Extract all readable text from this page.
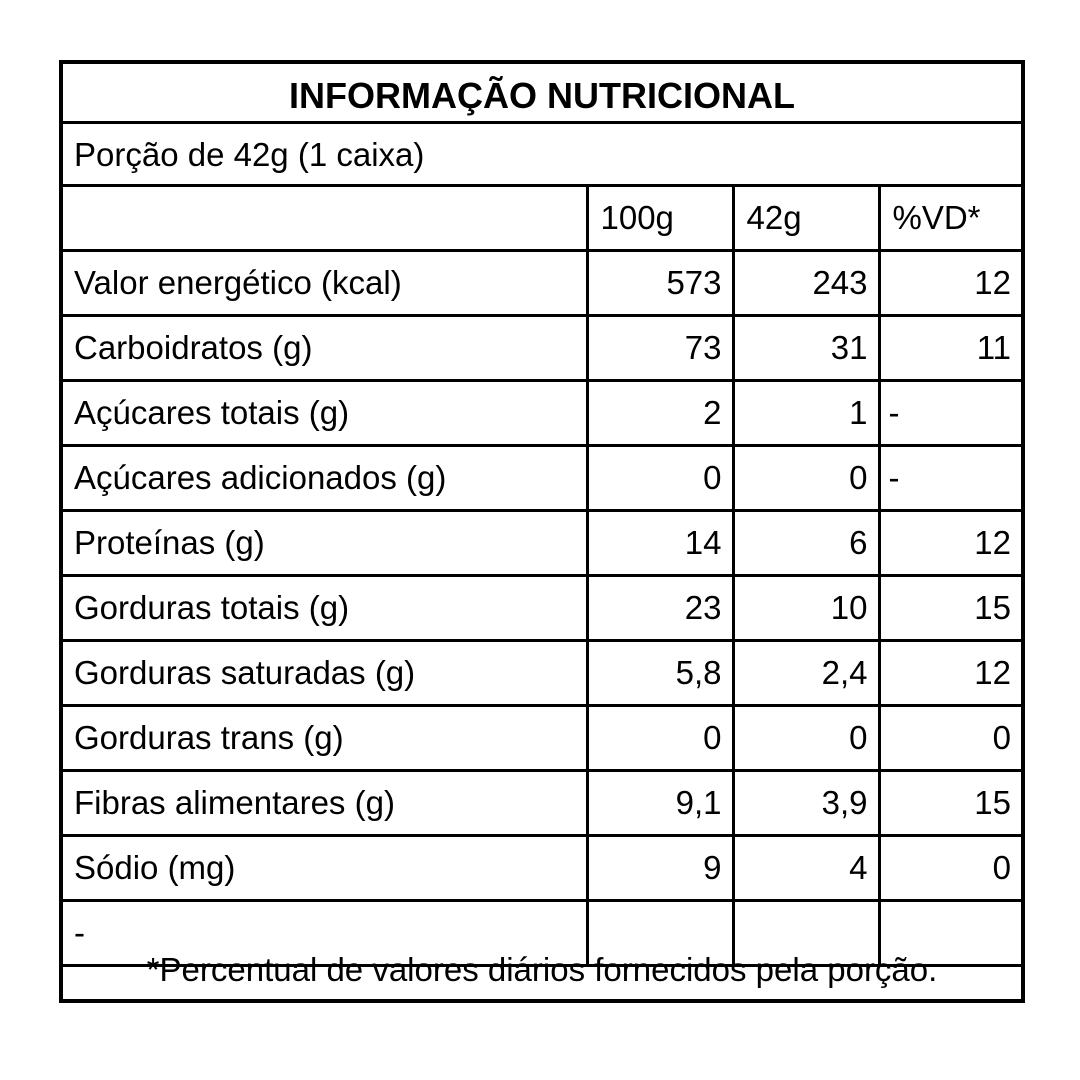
INFORMAÇÃO NUTRICIONAL
Porção de 42g (1 caixa)
	100g	42g	%VD*
Valor energético (kcal)	573	243	12
Carboidratos (g)	73	31	11
Açúcares totais (g)	2	1	-
Açúcares adicionados (g)	0	0	-
Proteínas (g)	14	6	12
Gorduras totais (g)	23	10	15
Gorduras saturadas (g)	5,8	2,4	12
Gorduras trans (g)	0	0	0
Fibras alimentares (g)	9,1	3,9	15
Sódio (mg)	9	4	0
-			
*Percentual de valores diários fornecidos pela porção.
